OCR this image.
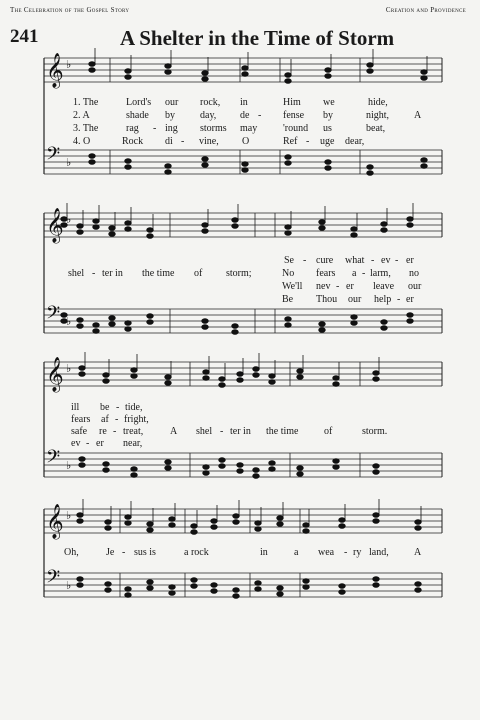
The Celebration of the Gospel Story	Creation and Providence
241	A Shelter in the Time of Storm
𝄞 ♭
𝄢 ♭
𝄞 ♭
𝄢 ♭
𝄞 ♭
𝄢 ♭
𝄞 ♭
𝄢 ♭
1. The	Lord's our rock, in	Him we	hide,
2. A	shade by	day, de - fense by	night, A
3. The	rag - ing storms may	'round us	beat,
4. O	Rock di - vine, O	Ref - uge dear,
Se - cure what - ev - er
shel - ter in the time of storm;	No fears a - larm, no
We'll nev - er leave our
Be Thou our help - er
ill be - tide,
fears af - fright,
safe re - treat,	A shel - ter in the time	of	storm.
ev - er near,
Oh,	Je - sus is	a rock	in	a wea - ry land,	A
